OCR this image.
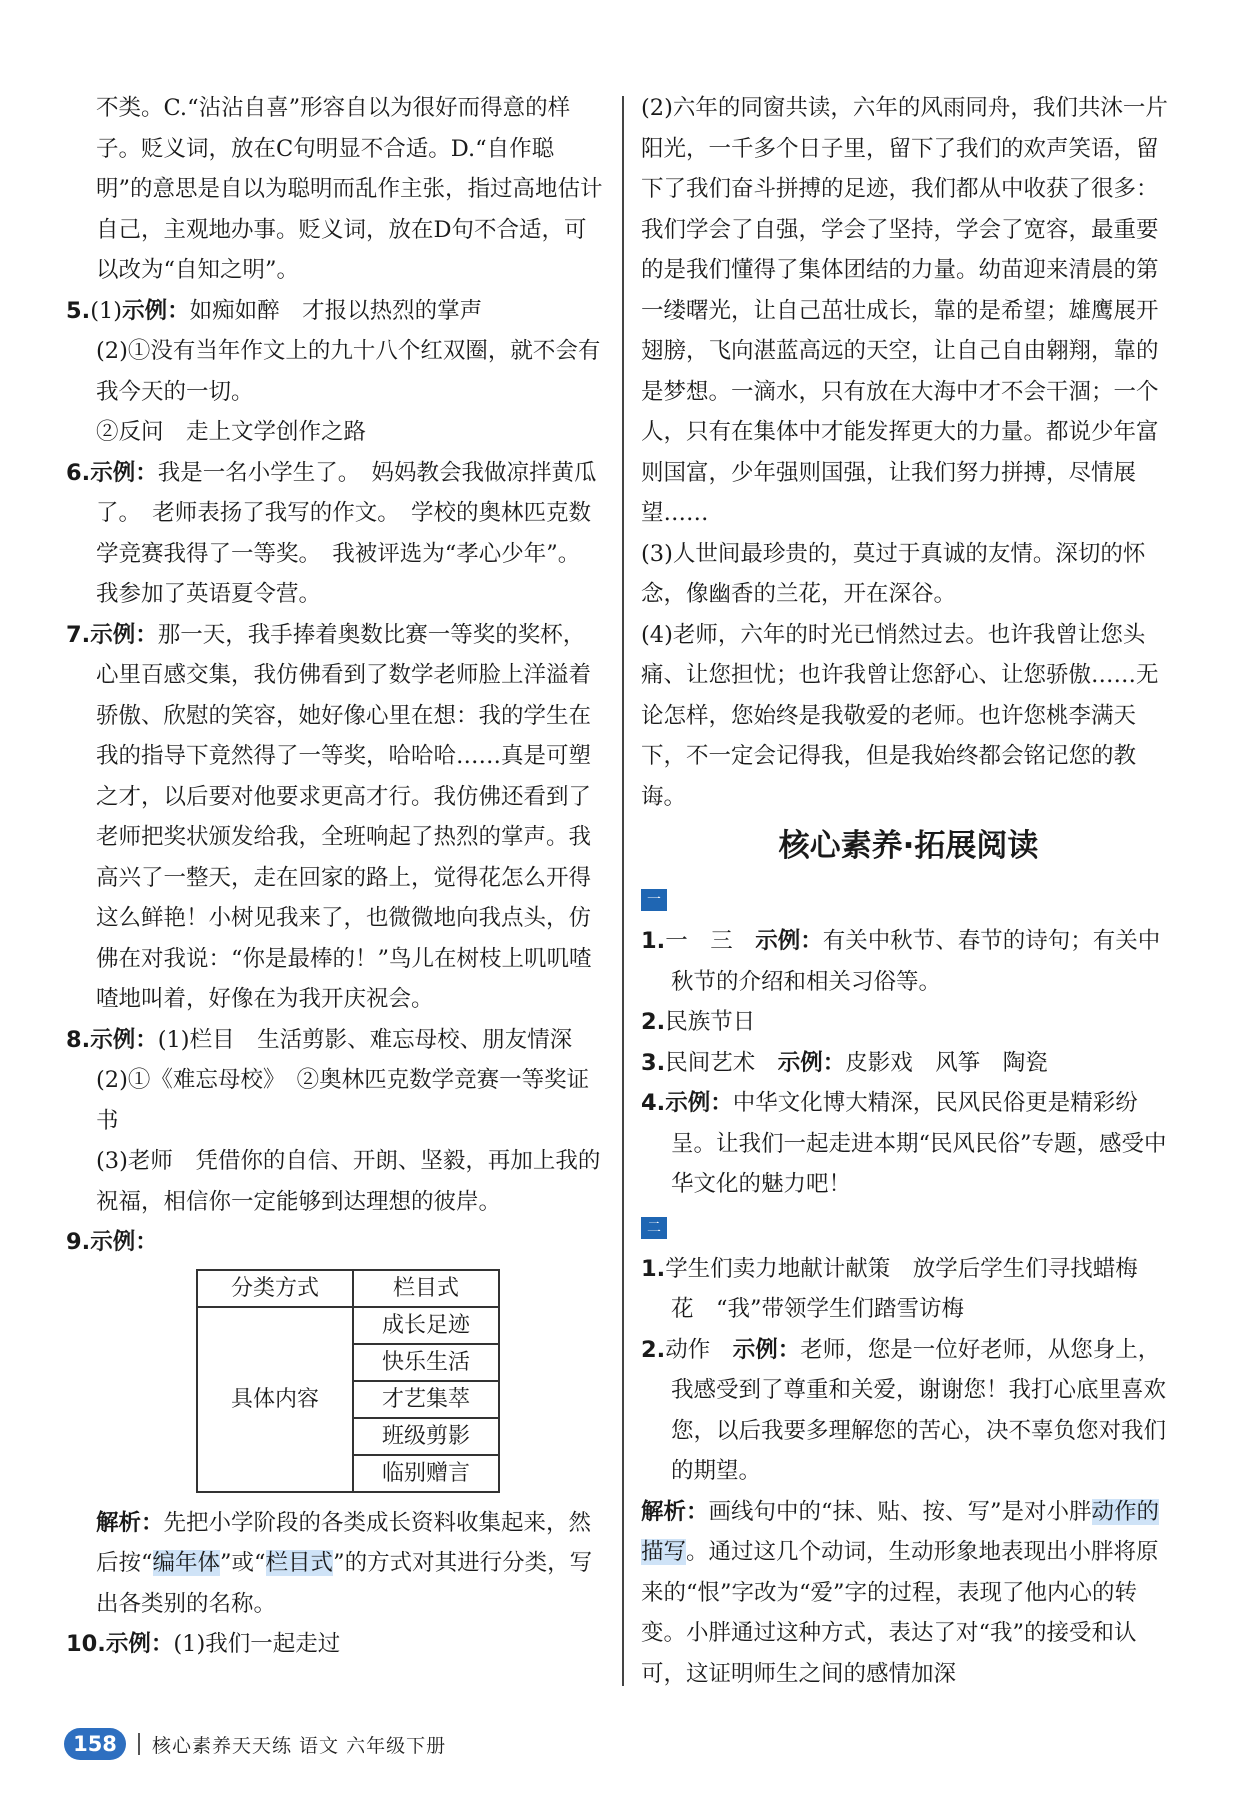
不类。C.“沾沾自喜”形容自以为很好而得意的样子。贬义词，放在C句明显不合适。D.“自作聪明”的意思是自以为聪明而乱作主张，指过高地估计自己，主观地办事。贬义词，放在D句不合适，可以改为“自知之明”。

5.(1)示例：如痴如醉　才报以热烈的掌声

(2)①没有当年作文上的九十八个红双圈，就不会有我今天的一切。

②反问　走上文学创作之路

6.示例：我是一名小学生了。　妈妈教会我做凉拌黄瓜了。　老师表扬了我写的作文。　学校的奥林匹克数学竞赛我得了一等奖。　我被评选为“孝心少年”。　我参加了英语夏令营。

7.示例：那一天，我手捧着奥数比赛一等奖的奖杯，心里百感交集，我仿佛看到了数学老师脸上洋溢着骄傲、欣慰的笑容，她好像心里在想：我的学生在我的指导下竟然得了一等奖，哈哈哈……真是可塑之才，以后要对他要求更高才行。我仿佛还看到了老师把奖状颁发给我，全班响起了热烈的掌声。我高兴了一整天，走在回家的路上，觉得花怎么开得这么鲜艳！小树见我来了，也微微地向我点头，仿佛在对我说：“你是最棒的！”鸟儿在树枝上叽叽喳喳地叫着，好像在为我开庆祝会。

8.示例：(1)栏目　生活剪影、难忘母校、朋友情深

(2)①《难忘母校》　②奥林匹克数学竞赛一等奖证书

(3)老师　凭借你的自信、开朗、坚毅，再加上我的祝福，相信你一定能够到达理想的彼岸。

9.示例：

分类方式	栏目式
具体内容	成长足迹
	快乐生活
	才艺集萃
	班级剪影
	临别赠言

解析：先把小学阶段的各类成长资料收集起来，然后按“编年体”或“栏目式”的方式对其进行分类，写出各类别的名称。

10.示例：(1)我们一起走过

(2)六年的同窗共读，六年的风雨同舟，我们共沐一片阳光，一千多个日子里，留下了我们的欢声笑语，留下了我们奋斗拼搏的足迹，我们都从中收获了很多：我们学会了自强，学会了坚持，学会了宽容，最重要的是我们懂得了集体团结的力量。幼苗迎来清晨的第一缕曙光，让自己茁壮成长，靠的是希望；雄鹰展开翅膀，飞向湛蓝高远的天空，让自己自由翱翔，靠的是梦想。一滴水，只有放在大海中才不会干涸；一个人，只有在集体中才能发挥更大的力量。都说少年富则国富，少年强则国强，让我们努力拼搏，尽情展望……

(3)人世间最珍贵的，莫过于真诚的友情。深切的怀念，像幽香的兰花，开在深谷。

(4)老师，六年的时光已悄然过去。也许我曾让您头痛、让您担忧；也许我曾让您舒心、让您骄傲……无论怎样，您始终是我敬爱的老师。也许您桃李满天下，不一定会记得我，但是我始终都会铭记您的教诲。

核心素养·拓展阅读
一

1.一　三　示例：有关中秋节、春节的诗句；有关中秋节的介绍和相关习俗等。

2.民族节日

3.民间艺术　示例：皮影戏　风筝　陶瓷

4.示例：中华文化博大精深，民风民俗更是精彩纷呈。让我们一起走进本期“民风民俗”专题，感受中华文化的魅力吧！

二

1.学生们卖力地献计献策　放学后学生们寻找蜡梅花　“我”带领学生们踏雪访梅

2.动作　示例：老师，您是一位好老师，从您身上，我感受到了尊重和关爱，谢谢您！我打心底里喜欢您，以后我要多理解您的苦心，决不辜负您对我们的期望。

解析：画线句中的“抹、贴、按、写”是对小胖动作的描写。通过这几个动词，生动形象地表现出小胖将原来的“恨”字改为“爱”字的过程，表现了他内心的转变。小胖通过这种方式，表达了对“我”的接受和认可，这证明师生之间的感情加深

158	核心素养天天练 语文 六年级下册
